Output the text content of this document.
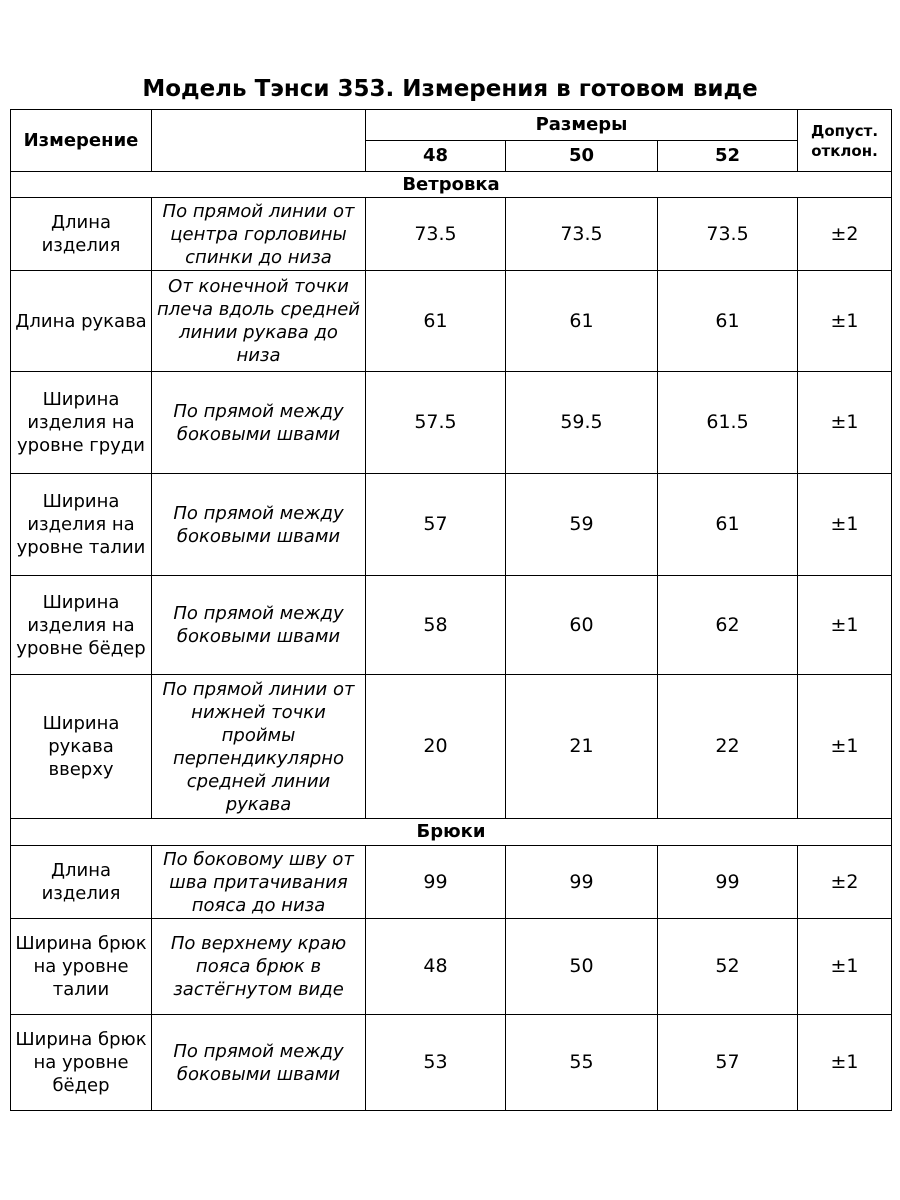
Модель Тэнси 353. Измерения в готовом виде
Измерение		Размеры			Допуст. отклон.
		48	50	52	
Ветровка					
Длина изделия	По прямой линии от центра горловины спинки до низа	73.5	73.5	73.5	±2
Длина рукава	От конечной точки плеча вдоль средней линии рукава до низа	61	61	61	±1
Ширина изделия на уровне груди	По прямой между боковыми швами	57.5	59.5	61.5	±1
Ширина изделия на уровне талии	По прямой между боковыми швами	57	59	61	±1
Ширина изделия на уровне бёдер	По прямой между боковыми швами	58	60	62	±1
Ширина рукава вверху	По прямой линии от нижней точки проймы перпендикулярно средней линии рукава	20	21	22	±1
Брюки					
Длина изделия	По боковому шву от шва притачивания пояса до низа	99	99	99	±2
Ширина брюк на уровне талии	По верхнему краю пояса брюк в застёгнутом виде	48	50	52	±1
Ширина брюк на уровне бёдер	По прямой между боковыми швами	53	55	57	±1
